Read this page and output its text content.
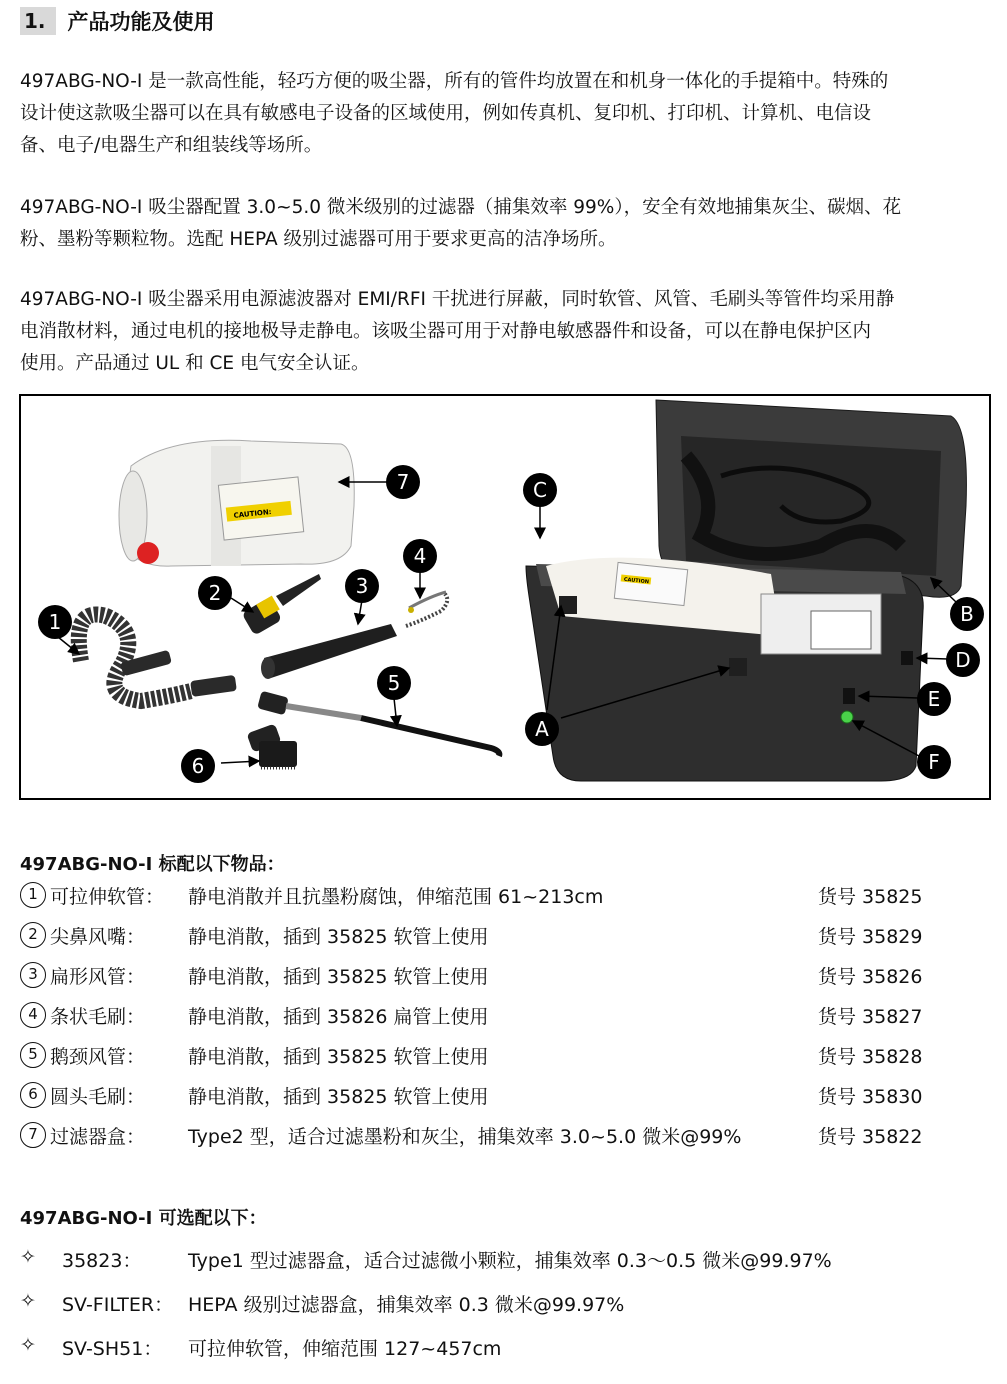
1.	产品功能及使用
497ABG-NO-I 是一款高性能，轻巧方便的吸尘器，所有的管件均放置在和机身一体化的手提箱中。特殊的
设计使这款吸尘器可以在具有敏感电子设备的区域使用，例如传真机、复印机、打印机、计算机、电信设
备、电子/电器生产和组装线等场所。
497ABG-NO-I 吸尘器配置 3.0~5.0 微米级别的过滤器（捕集效率 99%），安全有效地捕集灰尘、碳烟、花
粉、墨粉等颗粒物。选配 HEPA 级别过滤器可用于要求更高的洁净场所。
497ABG-NO-I 吸尘器采用电源滤波器对 EMI/RFI 干扰进行屏蔽，同时软管、风管、毛刷头等管件均采用静
电消散材料，通过电机的接地极导走静电。该吸尘器可用于对静电敏感器件和设备，可以在静电保护区内
使用。产品通过 UL 和 CE 电气安全认证。
CAUTION:
CAUTION
1
2	3
4
5
6
7
A
B
C
D
E
F
497ABG-NO-I 标配以下物品：
1 可拉伸软管： 静电消散并且抗墨粉腐蚀，伸缩范围 61~213cm	货号 35825
2 尖鼻风嘴： 静电消散，插到 35825 软管上使用	货号 35829
3 扁形风管： 静电消散，插到 35825 软管上使用	货号 35826
4 条状毛刷： 静电消散，插到 35826 扁管上使用	货号 35827
5 鹅颈风管： 静电消散，插到 35825 软管上使用	货号 35828
6 圆头毛刷： 静电消散，插到 35825 软管上使用	货号 35830
7 过滤器盒： Type2 型，适合过滤墨粉和灰尘，捕集效率 3.0~5.0 微米@99%	货号 35822
497ABG-NO-I 可选配以下：
✧ 35823： Type1 型过滤器盒，适合过滤微小颗粒，捕集效率 0.3～0.5 微米@99.97%
✧ SV-FILTER： HEPA 级别过滤器盒，捕集效率 0.3 微米@99.97%
✧ SV-SH51： 可拉伸软管，伸缩范围 127~457cm
